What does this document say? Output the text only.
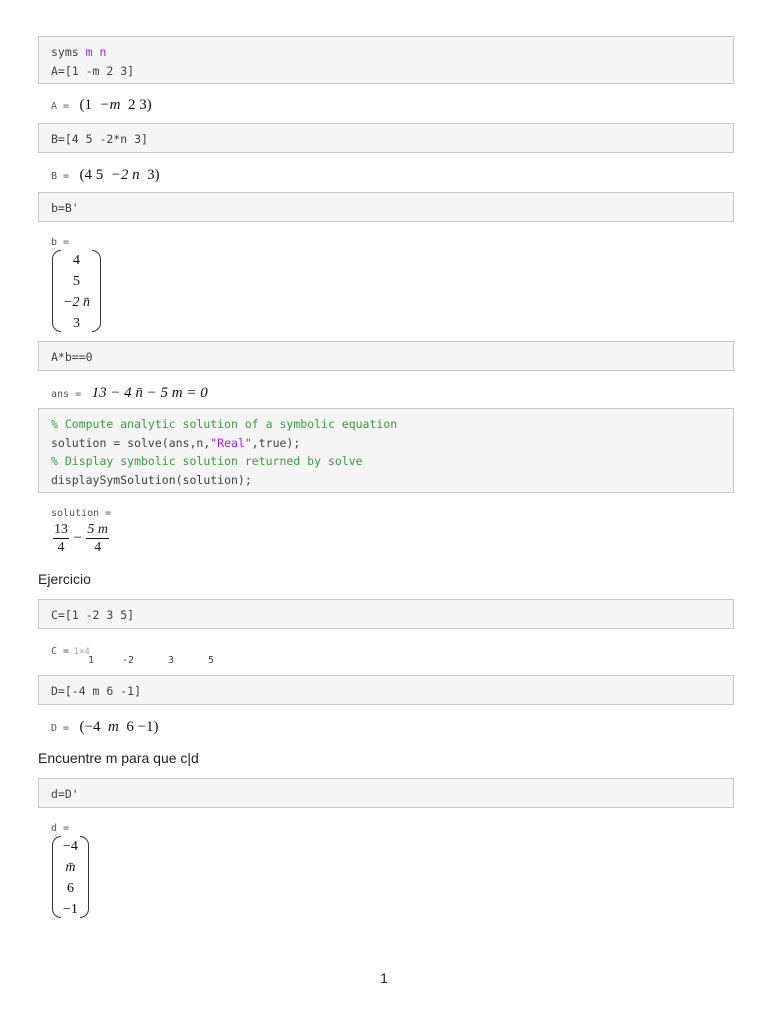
syms m n
A=[1 -m 2 3]
A = (1 −m 2 3)
B=[4 5 -2*n 3]
B = (4 5 −2 n 3)
b=B'
b =
4
5
−2 n̄
3
A*b==0
ans = 13 − 4 n̄ − 5 m = 0
% Compute analytic solution of a symbolic equation
solution = solve(ans,n,"Real",true);
% Display symbolic solution returned by solve
displaySymSolution(solution);
solution =
$\frac{13}{4} - \frac{5 m}{4}$
Ejercicio
C=[1 -2 3 5]
C = 1×4
1	-2	3	5
D=[-4 m 6 -1]
D = (−4 m 6 −1)
Encuentre m para que c|d
d=D'
d =
−4
m̄
6
−1
1
